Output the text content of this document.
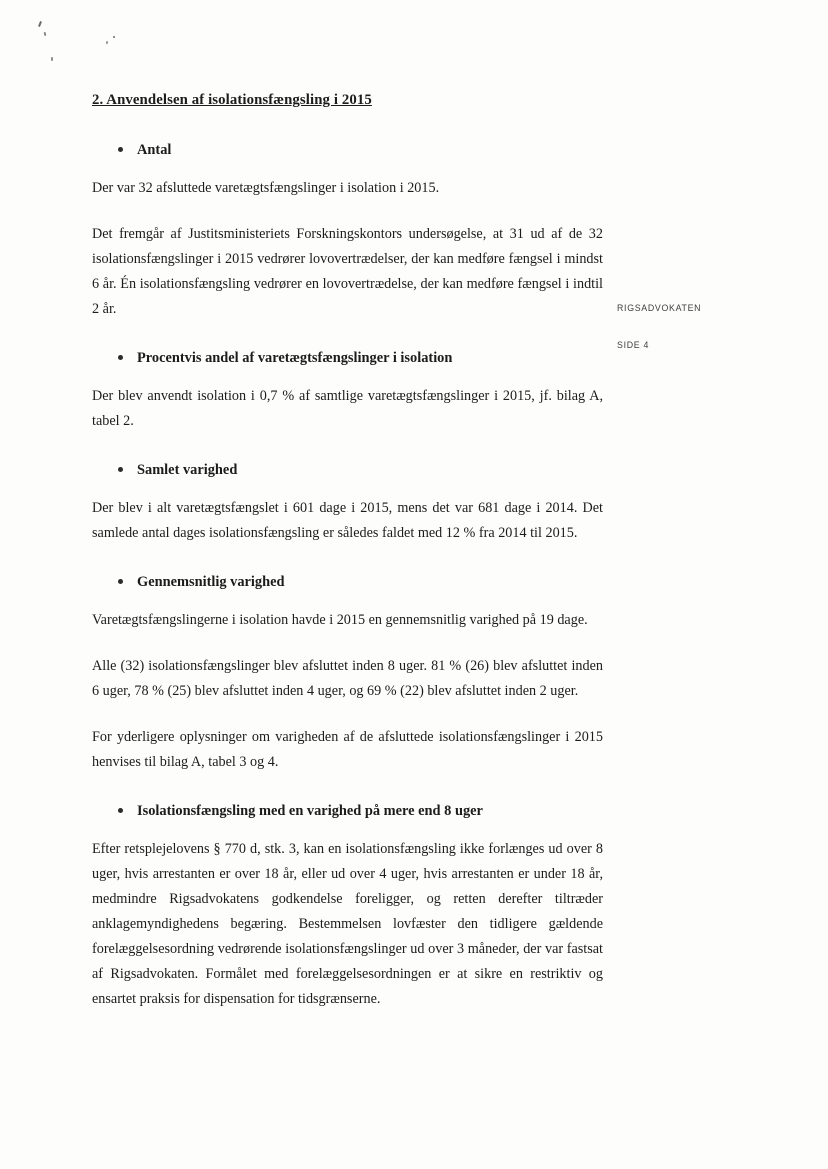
RIGSADVOKATEN
SIDE 4
2. Anvendelsen af isolationsfængsling i 2015
Antal

Der var 32 afsluttede varetægtsfængslinger i isolation i 2015.

Det fremgår af Justitsministeriets Forskningskontors undersøgelse, at 31 ud af de 32 isolationsfængslinger i 2015 vedrører lovovertrædelser, der kan medføre fængsel i mindst 6 år. Én isolationsfængsling vedrører en lovovertrædelse, der kan medføre fængsel i indtil 2 år.

Procentvis andel af varetægtsfængslinger i isolation

Der blev anvendt isolation i 0,7 % af samtlige varetægtsfængslinger i 2015, jf. bilag A, tabel 2.

Samlet varighed

Der blev i alt varetægtsfængslet i 601 dage i 2015, mens det var 681 dage i 2014. Det samlede antal dages isolationsfængsling er således faldet med 12 % fra 2014 til 2015.

Gennemsnitlig varighed

Varetægtsfængslingerne i isolation havde i 2015 en gennemsnitlig varighed på 19 dage.

Alle (32) isolationsfængslinger blev afsluttet inden 8 uger. 81 % (26) blev afsluttet inden 6 uger, 78 % (25) blev afsluttet inden 4 uger, og 69 % (22) blev afsluttet inden 2 uger.

For yderligere oplysninger om varigheden af de afsluttede isolationsfængslinger i 2015 henvises til bilag A, tabel 3 og 4.

Isolationsfængsling med en varighed på mere end 8 uger

Efter retsplejelovens § 770 d, stk. 3, kan en isolationsfængsling ikke forlænges ud over 8 uger, hvis arrestanten er over 18 år, eller ud over 4 uger, hvis arrestanten er under 18 år, medmindre Rigsadvokatens godkendelse foreligger, og retten derefter tiltræder anklagemyndighedens begæring. Bestemmelsen lovfæster den tidligere gældende forelæggelsesordning vedrørende isolationsfængslinger ud over 3 måneder, der var fastsat af Rigsadvokaten. Formålet med forelæggelsesordningen er at sikre en restriktiv og ensartet praksis for dispensation for tidsgrænserne.
